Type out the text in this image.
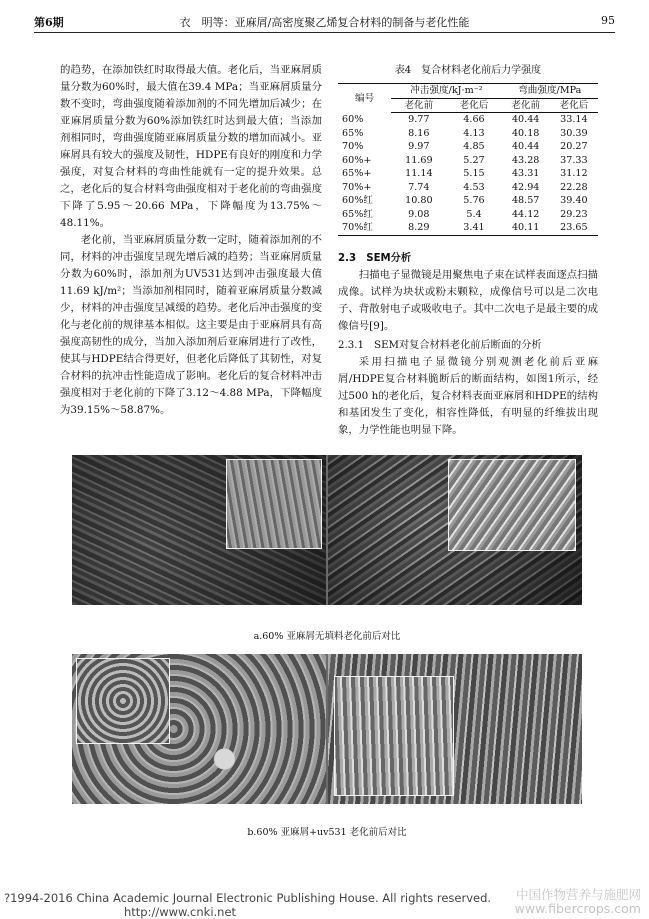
第6期	衣　明等：亚麻屑/高密度聚乙烯复合材料的制备与老化性能	95

的趋势，在添加铁红时取得最大值。老化后，当亚麻屑质量分数为60%时，最大值在39.4 MPa；当亚麻屑质量分数不变时，弯曲强度随着添加剂的不同先增加后减少；在亚麻屑质量分数为60%添加铁红时达到最大值；当添加剂相同时，弯曲强度随亚麻屑质量分数的增加而减小。亚麻屑具有较大的强度及韧性，HDPE有良好的刚度和力学强度，对复合材料的弯曲性能就有一定的提升效果。总之，老化后的复合材料弯曲强度相对于老化前的弯曲强度下降了5.95～20.66 MPa，下降幅度为13.75%～48.11%。

老化前，当亚麻屑质量分数一定时，随着添加剂的不同，材料的冲击强度呈现先增后减的趋势；当亚麻屑质量分数为60%时，添加剂为UV531达到冲击强度最大值11.69 kJ/m²；当添加剂相同时，随着亚麻屑质量分数减少，材料的冲击强度呈减缓的趋势。老化后冲击强度的变化与老化前的规律基本相似。这主要是由于亚麻屑具有高强度高韧性的成分，当加入添加剂后亚麻屑进行了改性，使其与HDPE结合得更好，但老化后降低了其韧性，对复合材料的抗冲击性能造成了影响。老化后的复合材料冲击强度相对于老化前的下降了3.12～4.88 MPa，下降幅度为39.15%～58.87%。

表4　复合材料老化前后力学强度
编号	冲击强度/kJ·m⁻²		弯曲强度/MPa	
	老化前	老化后	老化前	老化后
60%	9.77	4.66	40.44	33.14
65%	8.16	4.13	40.18	30.39
70%	9.97	4.85	40.44	20.27
60%+	11.69	5.27	43.28	37.33
65%+	11.14	5.15	43.31	31.12
70%+	7.74	4.53	42.94	22.28
60%红	10.80	5.76	48.57	39.40
65%红	9.08	5.4	44.12	29.23
70%红	8.29	3.41	40.11	23.65

2.3　SEM分析

扫描电子显微镜是用聚焦电子束在试样表面逐点扫描成像。试样为块状或粉末颗粒，成像信号可以是二次电子、背散射电子或吸收电子。其中二次电子是最主要的成像信号[9]。

2.3.1　SEM对复合材料老化前后断面的分析

采用扫描电子显微镜分别观测老化前后亚麻屑/HDPE复合材料脆断后的断面结构，如图1所示，经过500 h的老化后，复合材料表面亚麻屑和HDPE的结构和基团发生了变化，相容性降低，有明显的纤维拔出现象，力学性能也明显下降。

a.60% 亚麻屑无填料老化前后对比
b.60% 亚麻屑+uv531 老化前后对比
?1994-2016 China Academic Journal Electronic Publishing House. All rights reserved. http://www.cnki.net
中国作物营养与施肥网
www.fibercrops.com
